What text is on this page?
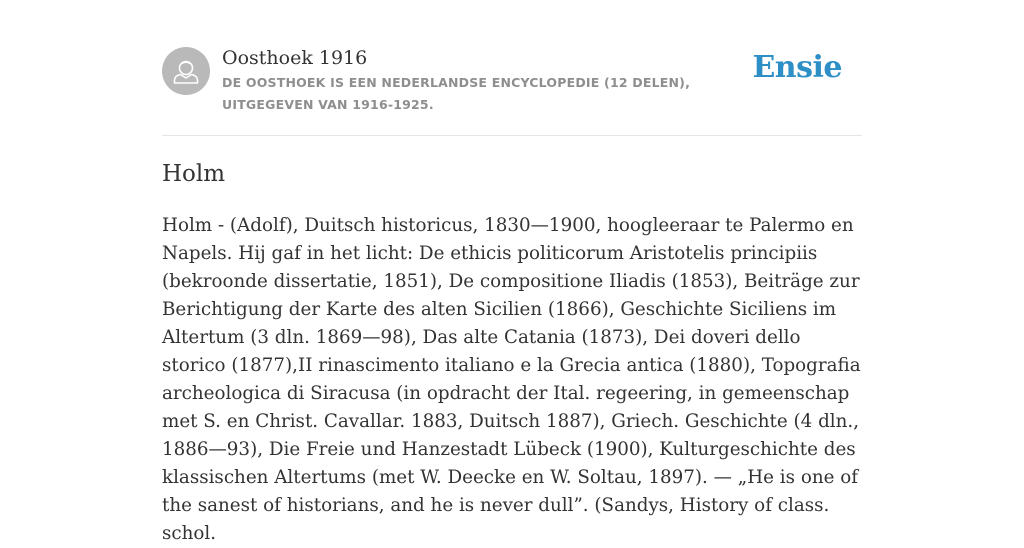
Oosthoek 1916
DE OOSTHOEK IS EEN NEDERLANDSE ENCYCLOPEDIE (12 DELEN), UITGEGEVEN VAN 1916-1925.
Ensie
Holm

Holm - (Adolf), Duitsch historicus, 1830—1900, hoogleeraar te Palermo en Napels. Hij gaf in het licht: De ethicis politicorum Aristotelis principiis (bekroonde dissertatie, 1851), De compositione Iliadis (1853), Beiträge zur Berichtigung der Karte des alten Sicilien (1866), Geschichte Siciliens im Altertum (3 dln. 1869—98), Das alte Catania (1873), Dei doveri dello storico (1877),II rinascimento italiano e la Grecia antica (1880), Topografia archeologica di Siracusa (in opdracht der Ital. regeering, in gemeenschap met S. en Christ. Cavallar. 1883, Duitsch 1887), Griech. Geschichte (4 dln., 1886—93), Die Freie und Hanzestadt Lübeck (1900), Kulturgeschichte des klassischen Altertums (met W. Deecke en W. Soltau, 1897). — „He is one of the sanest of historians, and he is never dull”. (Sandys, History of class. schol.
